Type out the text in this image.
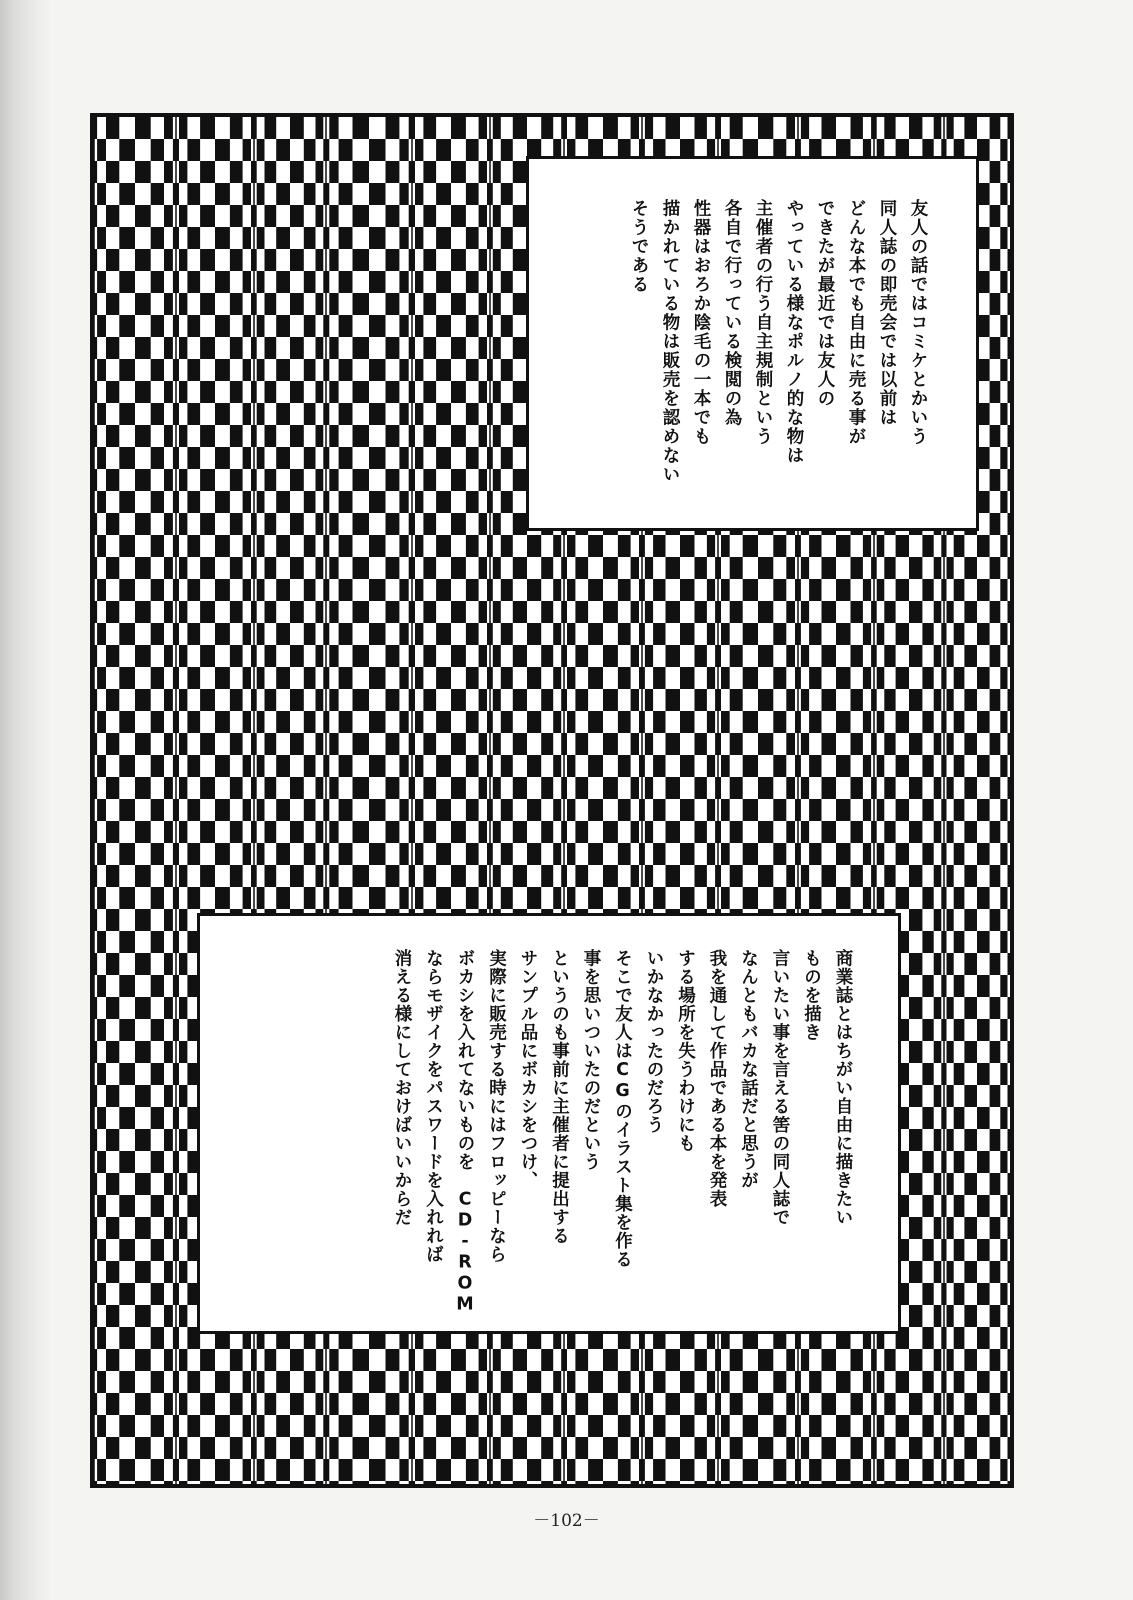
友人の話ではコミケとかいう
同人誌の即売会では以前は
どんな本でも自由に売る事が
できたが最近では友人の
やっている様なポルノ的な物は
主催者の行う自主規制という
各自で行っている検閲の為
性器はおろか陰毛の一本でも
描かれている物は販売を認めない
そうである
商業誌とはちがい自由に描きたい
ものを描き
言いたい事を言える筈の同人誌で
なんともバカな話だと思うが
我を通して作品である本を発表
する場所を失うわけにも
いかなかったのだろう
そこで友人はCGのイラスト集を作る
事を思いついたのだという
というのも事前に主催者に提出する
サンプル品にボカシをつけ、
実際に販売する時にはフロッピーなら
ボカシを入れてないものを　CD-ROM
ならモザイクをパスワードを入れれば
消える様にしておけばいいからだ
－102－
